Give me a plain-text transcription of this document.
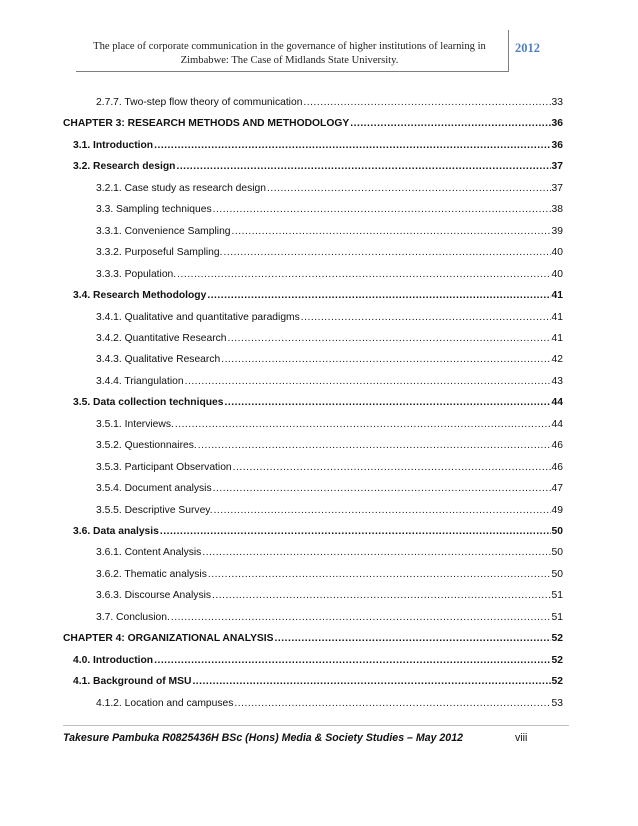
The place of corporate communication in the governance of higher institutions of learning in Zimbabwe: The Case of Midlands State University.
2012
2.7.7. Two-step flow theory of communication .....	33
CHAPTER 3: RESEARCH METHODS AND METHODOLOGY .....	36
3.1. Introduction .....	36
3.2. Research design .....	37
3.2.1. Case study as research design .....	37
3.3. Sampling techniques .....	38
3.3.1. Convenience Sampling .....	39
3.3.2. Purposeful Sampling. .....	40
3.3.3. Population. .....	40
3.4. Research Methodology .....	41
3.4.1. Qualitative and quantitative paradigms .....	41
3.4.2. Quantitative Research .....	41
3.4.3. Qualitative Research .....	42
3.4.4. Triangulation .....	43
3.5. Data collection techniques .....	44
3.5.1. Interviews. .....	44
3.5.2. Questionnaires. .....	46
3.5.3. Participant Observation .....	46
3.5.4. Document analysis .....	47
3.5.5. Descriptive Survey. .....	49
3.6. Data analysis .....	50
3.6.1. Content Analysis .....	50
3.6.2. Thematic analysis .....	50
3.6.3. Discourse Analysis .....	51
3.7. Conclusion. .....	51
CHAPTER 4: ORGANIZATIONAL ANALYSIS .....	52
4.0. Introduction .....	52
4.1. Background of MSU .....	52
4.1.2. Location and campuses .....	53
Takesure Pambuka R0825436H BSc (Hons) Media & Society Studies – May 2012	viii
